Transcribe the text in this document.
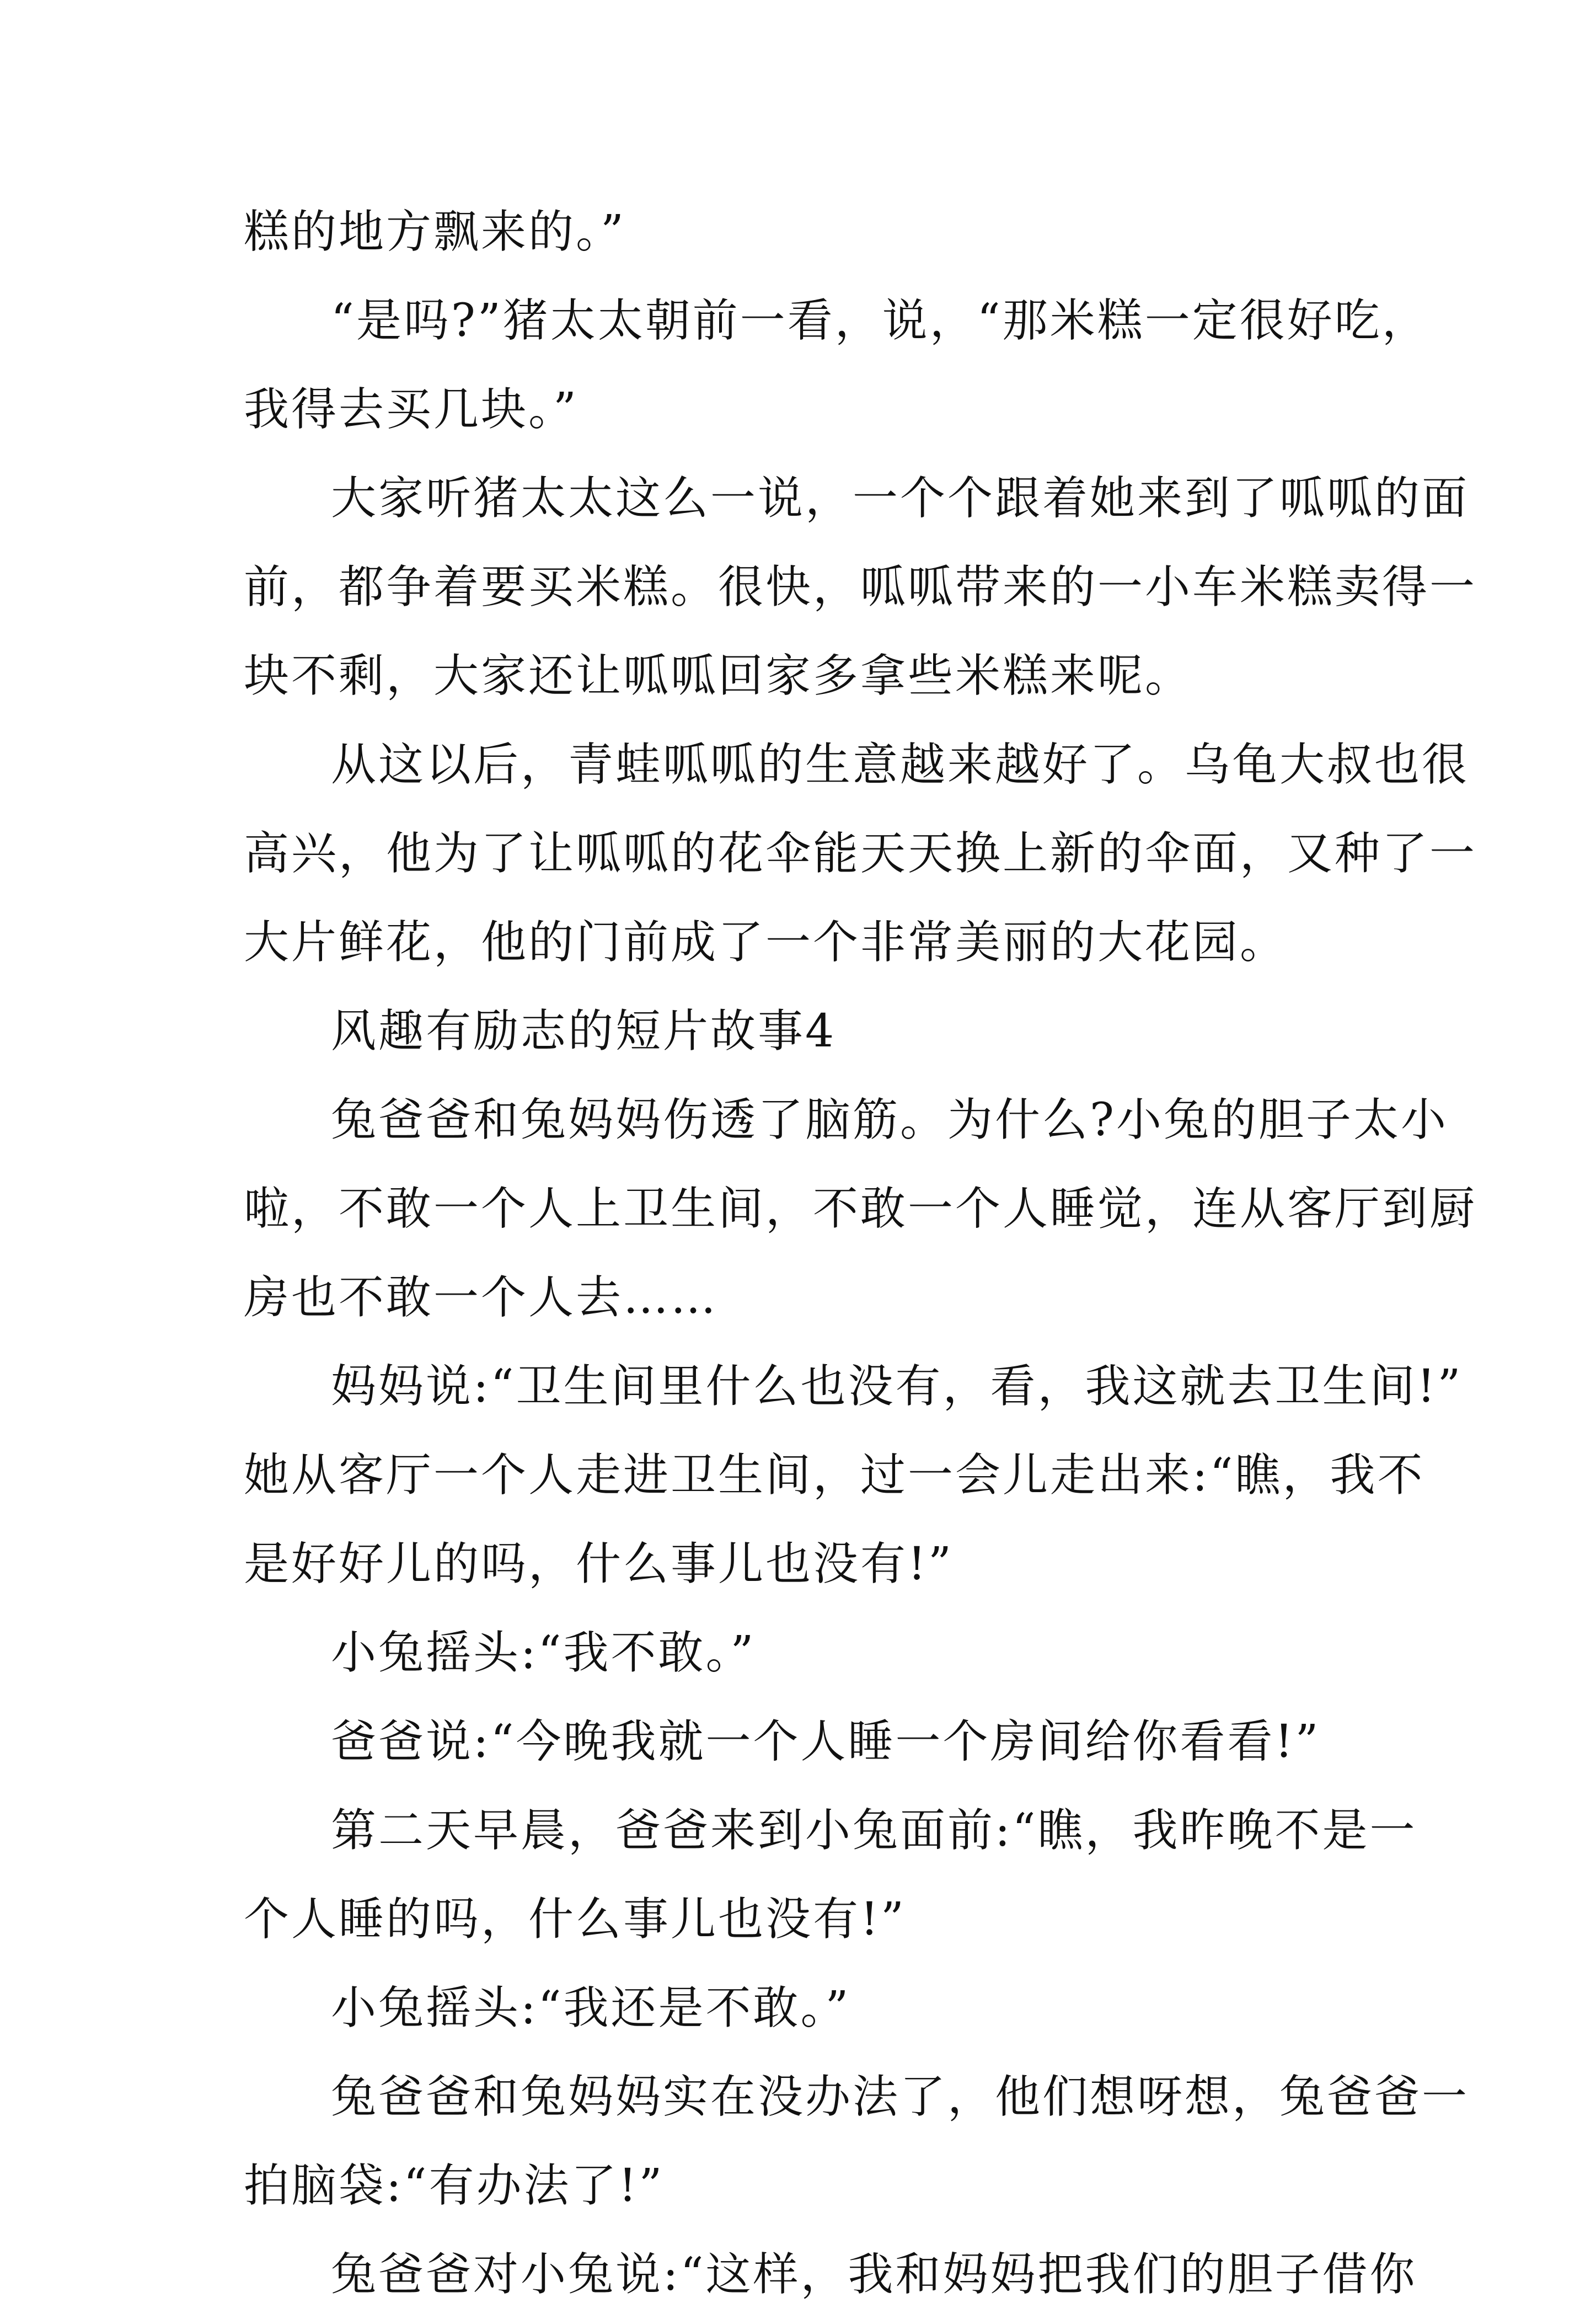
糕的地方飘来的。”
“是吗?”猪太太朝前一看，说，“那米糕一定很好吃，
我得去买几块。”
大家听猪太太这么一说，一个个跟着她来到了呱呱的面
前，都争着要买米糕。很快，呱呱带来的一小车米糕卖得一
块不剩，大家还让呱呱回家多拿些米糕来呢。
从这以后，青蛙呱呱的生意越来越好了。乌龟大叔也很
高兴，他为了让呱呱的花伞能天天换上新的伞面，又种了一
大片鲜花，他的门前成了一个非常美丽的大花园。
风趣有励志的短片故事4
兔爸爸和兔妈妈伤透了脑筋。为什么?小兔的胆子太小
啦，不敢一个人上卫生间，不敢一个人睡觉，连从客厅到厨
房也不敢一个人去……
妈妈说:“卫生间里什么也没有，看，我这就去卫生间!”
她从客厅一个人走进卫生间，过一会儿走出来:“瞧，我不
是好好儿的吗，什么事儿也没有!”
小兔摇头:“我不敢。”
爸爸说:“今晚我就一个人睡一个房间给你看看!”
第二天早晨，爸爸来到小兔面前:“瞧，我昨晚不是一
个人睡的吗，什么事儿也没有!”
小兔摇头:“我还是不敢。”
兔爸爸和兔妈妈实在没办法了，他们想呀想，兔爸爸一
拍脑袋:“有办法了!”
兔爸爸对小兔说:“这样，我和妈妈把我们的胆子借你
